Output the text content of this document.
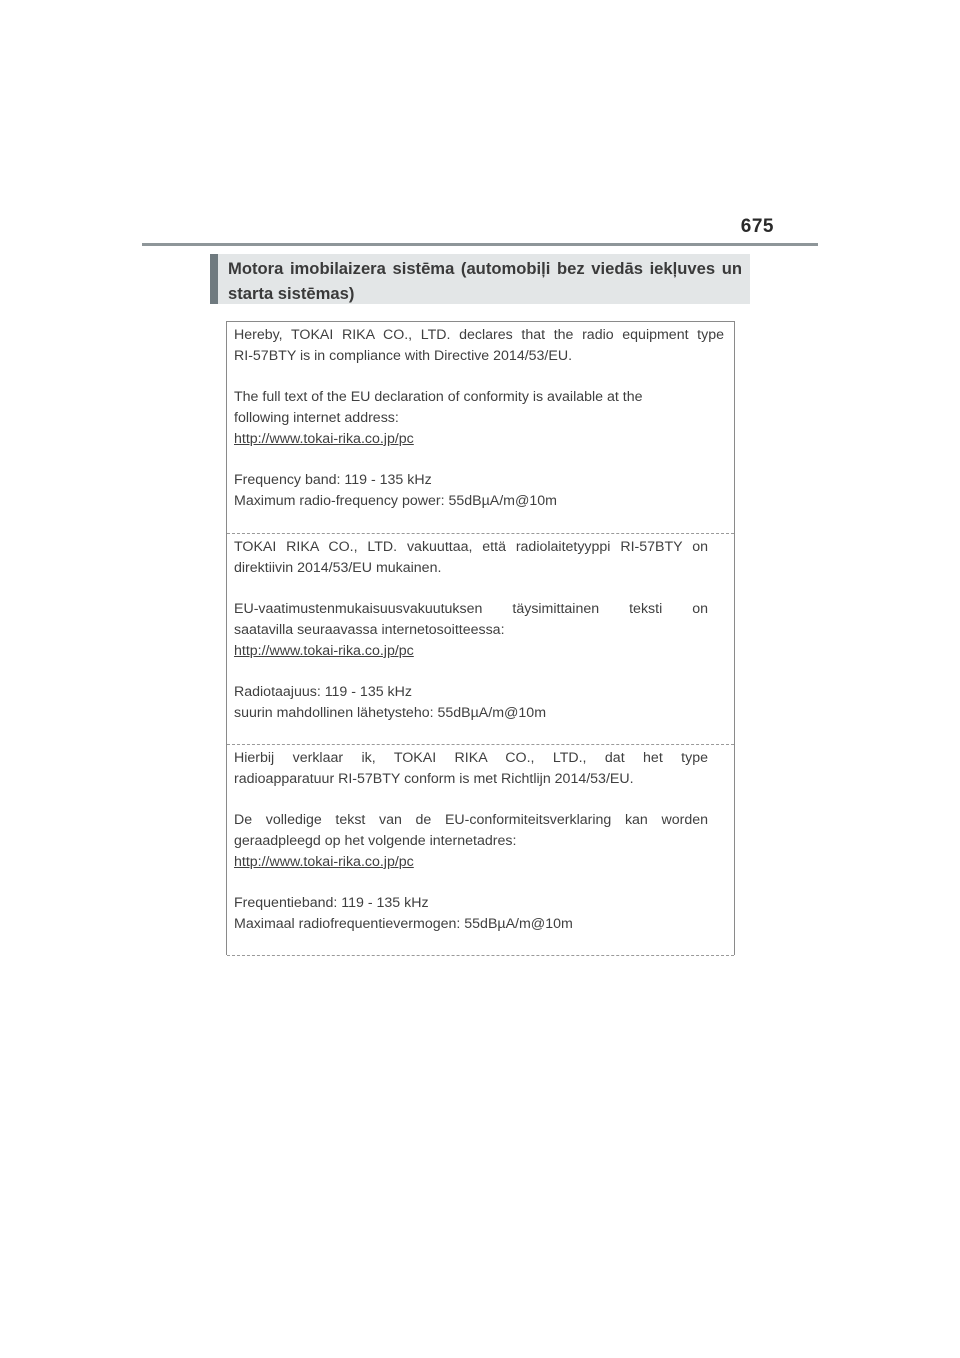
675
Motora imobilaizera sistēma (automobiļi bez viedās iekļuves un starta sistēmas)

Hereby, TOKAI RIKA CO., LTD. declares that the radio equipment type

RI-57BTY is in compliance with Directive 2014/53/EU.

The full text of the EU declaration of conformity is available at the

following internet address:

http://www.tokai-rika.co.jp/pc

Frequency band: 119 - 135 kHz

Maximum radio-frequency power: 55dBµA/m@10m

TOKAI RIKA CO., LTD. vakuuttaa, että radiolaitetyyppi RI-57BTY on

direktiivin 2014/53/EU mukainen.

EU-vaatimustenmukaisuusvakuutuksen täysimittainen teksti on

saatavilla seuraavassa internetosoitteessa:

http://www.tokai-rika.co.jp/pc

Radiotaajuus: 119 - 135 kHz

suurin mahdollinen lähetysteho: 55dBµA/m@10m

Hierbij verklaar ik, TOKAI RIKA CO., LTD., dat het type

radioapparatuur RI-57BTY conform is met Richtlijn 2014/53/EU.

De volledige tekst van de EU-conformiteitsverklaring kan worden

geraadpleegd op het volgende internetadres:

http://www.tokai-rika.co.jp/pc

Frequentieband: 119 - 135 kHz

Maximaal radiofrequentievermogen: 55dBµA/m@10m
